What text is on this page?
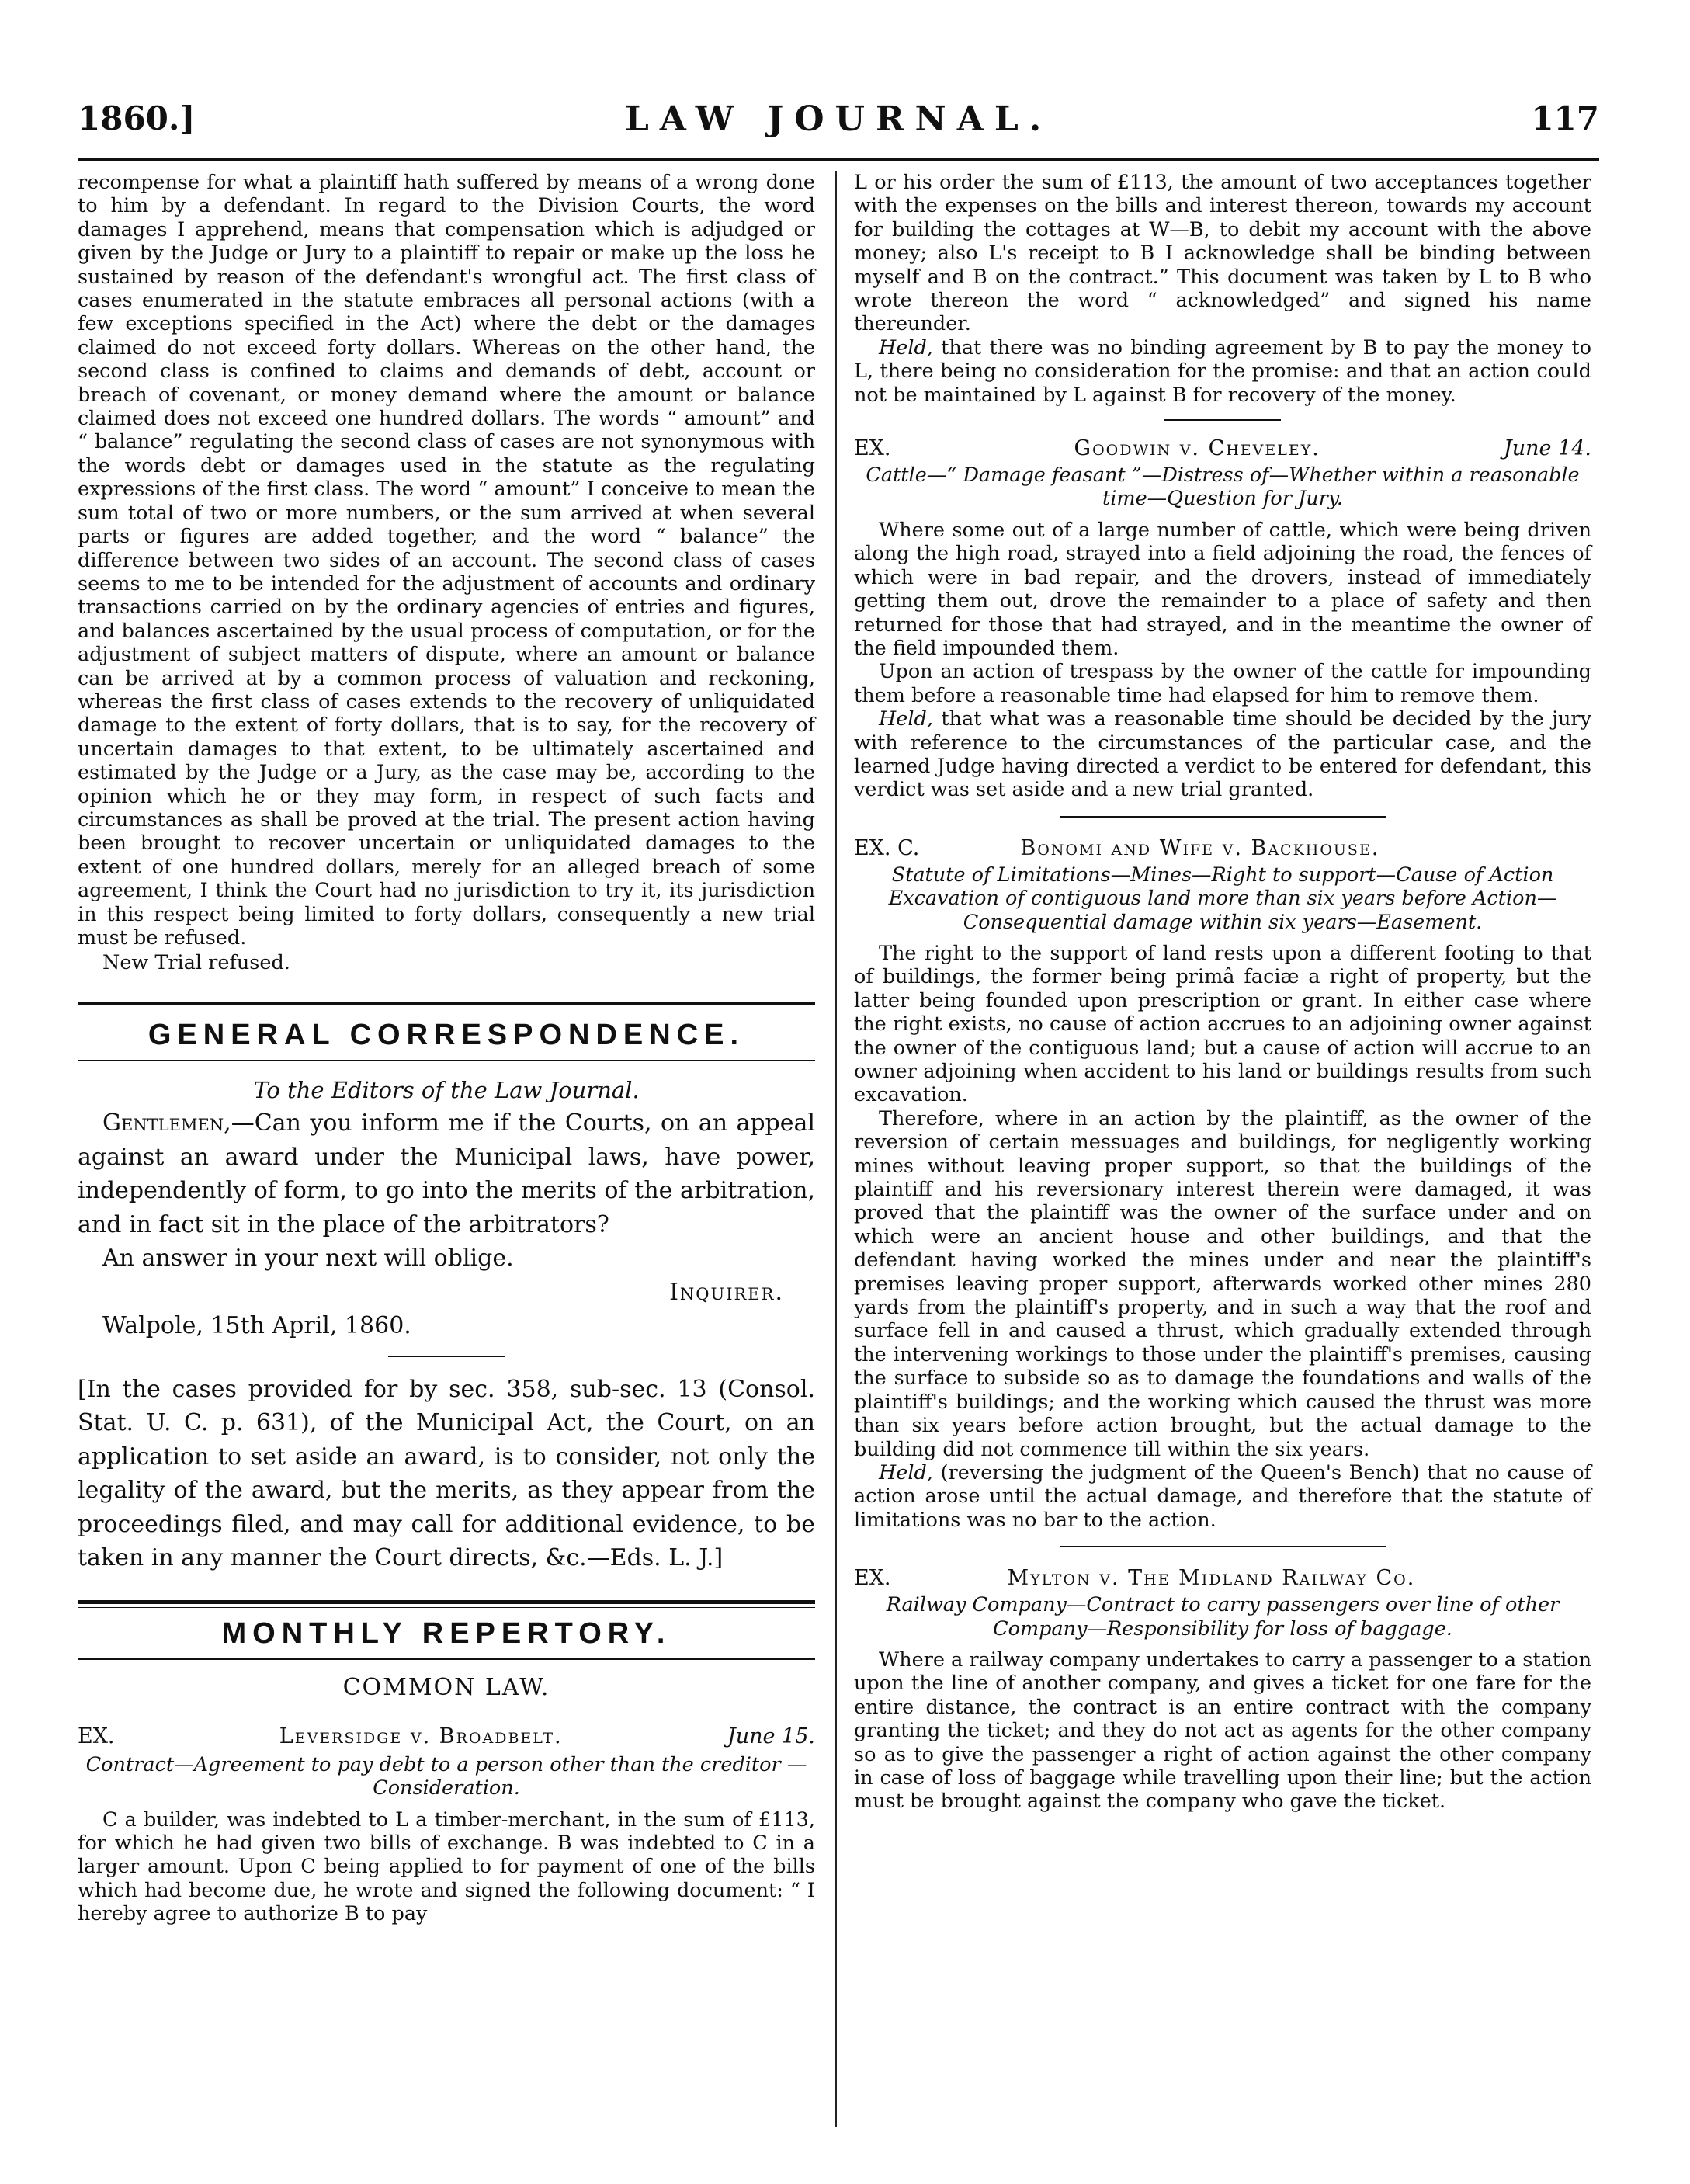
1860.]	LAW JOURNAL.	117

recompense for what a plaintiff hath suffered by means of a wrong done to him by a defendant. In regard to the Division Courts, the word damages I apprehend, means that compensation which is adjudged or given by the Judge or Jury to a plaintiff to repair or make up the loss he sustained by reason of the defendant's wrongful act. The first class of cases enumerated in the statute embraces all personal actions (with a few exceptions specified in the Act) where the debt or the damages claimed do not exceed forty dollars. Whereas on the other hand, the second class is confined to claims and demands of debt, account or breach of covenant, or money demand where the amount or balance claimed does not exceed one hundred dollars. The words “ amount” and “ balance” regulating the second class of cases are not synonymous with the words debt or damages used in the statute as the regulating expressions of the first class. The word “ amount” I conceive to mean the sum total of two or more numbers, or the sum arrived at when several parts or figures are added together, and the word “ balance” the difference between two sides of an account. The second class of cases seems to me to be intended for the adjustment of accounts and ordinary transactions carried on by the ordinary agencies of entries and figures, and balances ascertained by the usual process of computation, or for the adjustment of subject matters of dispute, where an amount or balance can be arrived at by a common process of valuation and reckoning, whereas the first class of cases extends to the recovery of unliquidated damage to the extent of forty dollars, that is to say, for the recovery of uncertain damages to that extent, to be ultimately ascertained and estimated by the Judge or a Jury, as the case may be, according to the opinion which he or they may form, in respect of such facts and circumstances as shall be proved at the trial. The present action having been brought to recover uncertain or unliquidated damages to the extent of one hundred dollars, merely for an alleged breach of some agreement, I think the Court had no jurisdiction to try it, its jurisdiction in this respect being limited to forty dollars, consequently a new trial must be refused.

New Trial refused.

GENERAL CORRESPONDENCE.

To the Editors of the Law Journal.

Gentlemen,—Can you inform me if the Courts, on an appeal against an award under the Municipal laws, have power, independently of form, to go into the merits of the arbitration, and in fact sit in the place of the arbitrators?

An answer in your next will oblige.

Inquirer.

Walpole, 15th April, 1860.

[In the cases provided for by sec. 358, sub-sec. 13 (Consol. Stat. U. C. p. 631), of the Municipal Act, the Court, on an application to set aside an award, is to consider, not only the legality of the award, but the merits, as they appear from the proceedings filed, and may call for additional evidence, to be taken in any manner the Court directs, &c.—Eds. L. J.]

MONTHLY REPERTORY.

COMMON LAW.

EX.	Leversidge v. Broadbelt.	June 15.

Contract—Agreement to pay debt to a person other than the creditor —Consideration.

C a builder, was indebted to L a timber-merchant, in the sum of £113, for which he had given two bills of exchange. B was indebted to C in a larger amount. Upon C being applied to for payment of one of the bills which had become due, he wrote and signed the following document: “ I hereby agree to authorize B to pay

L or his order the sum of £113, the amount of two acceptances together with the expenses on the bills and interest thereon, towards my account for building the cottages at W—B, to debit my account with the above money; also L's receipt to B I acknowledge shall be binding between myself and B on the contract.” This document was taken by L to B who wrote thereon the word “ acknowledged” and signed his name thereunder.

Held, that there was no binding agreement by B to pay the money to L, there being no consideration for the promise: and that an action could not be maintained by L against B for recovery of the money.

EX.	Goodwin v. Cheveley.	June 14.

Cattle—“ Damage feasant ”—Distress of—Whether within a reasonable time—Question for Jury.

Where some out of a large number of cattle, which were being driven along the high road, strayed into a field adjoining the road, the fences of which were in bad repair, and the drovers, instead of immediately getting them out, drove the remainder to a place of safety and then returned for those that had strayed, and in the meantime the owner of the field impounded them.

Upon an action of trespass by the owner of the cattle for impounding them before a reasonable time had elapsed for him to remove them.

Held, that what was a reasonable time should be decided by the jury with reference to the circumstances of the particular case, and the learned Judge having directed a verdict to be entered for defendant, this verdict was set aside and a new trial granted.

EX. C.	Bonomi and Wife v. Backhouse.

Statute of Limitations—Mines—Right to support—Cause of Action Excavation of contiguous land more than six years before Action— Consequential damage within six years—Easement.

The right to the support of land rests upon a different footing to that of buildings, the former being primâ faciæ a right of property, but the latter being founded upon prescription or grant. In either case where the right exists, no cause of action accrues to an adjoining owner against the owner of the contiguous land; but a cause of action will accrue to an owner adjoining when accident to his land or buildings results from such excavation.

Therefore, where in an action by the plaintiff, as the owner of the reversion of certain messuages and buildings, for negligently working mines without leaving proper support, so that the buildings of the plaintiff and his reversionary interest therein were damaged, it was proved that the plaintiff was the owner of the surface under and on which were an ancient house and other buildings, and that the defendant having worked the mines under and near the plaintiff's premises leaving proper support, afterwards worked other mines 280 yards from the plaintiff's property, and in such a way that the roof and surface fell in and caused a thrust, which gradually extended through the intervening workings to those under the plaintiff's premises, causing the surface to subside so as to damage the foundations and walls of the plaintiff's buildings; and the working which caused the thrust was more than six years before action brought, but the actual damage to the building did not commence till within the six years.

Held, (reversing the judgment of the Queen's Bench) that no cause of action arose until the actual damage, and therefore that the statute of limitations was no bar to the action.

EX.	Mylton v. The Midland Railway Co.

Railway Company—Contract to carry passengers over line of other Company—Responsibility for loss of baggage.

Where a railway company undertakes to carry a passenger to a station upon the line of another company, and gives a ticket for one fare for the entire distance, the contract is an entire contract with the company granting the ticket; and they do not act as agents for the other company so as to give the passenger a right of action against the other company in case of loss of baggage while travelling upon their line; but the action must be brought against the company who gave the ticket.
